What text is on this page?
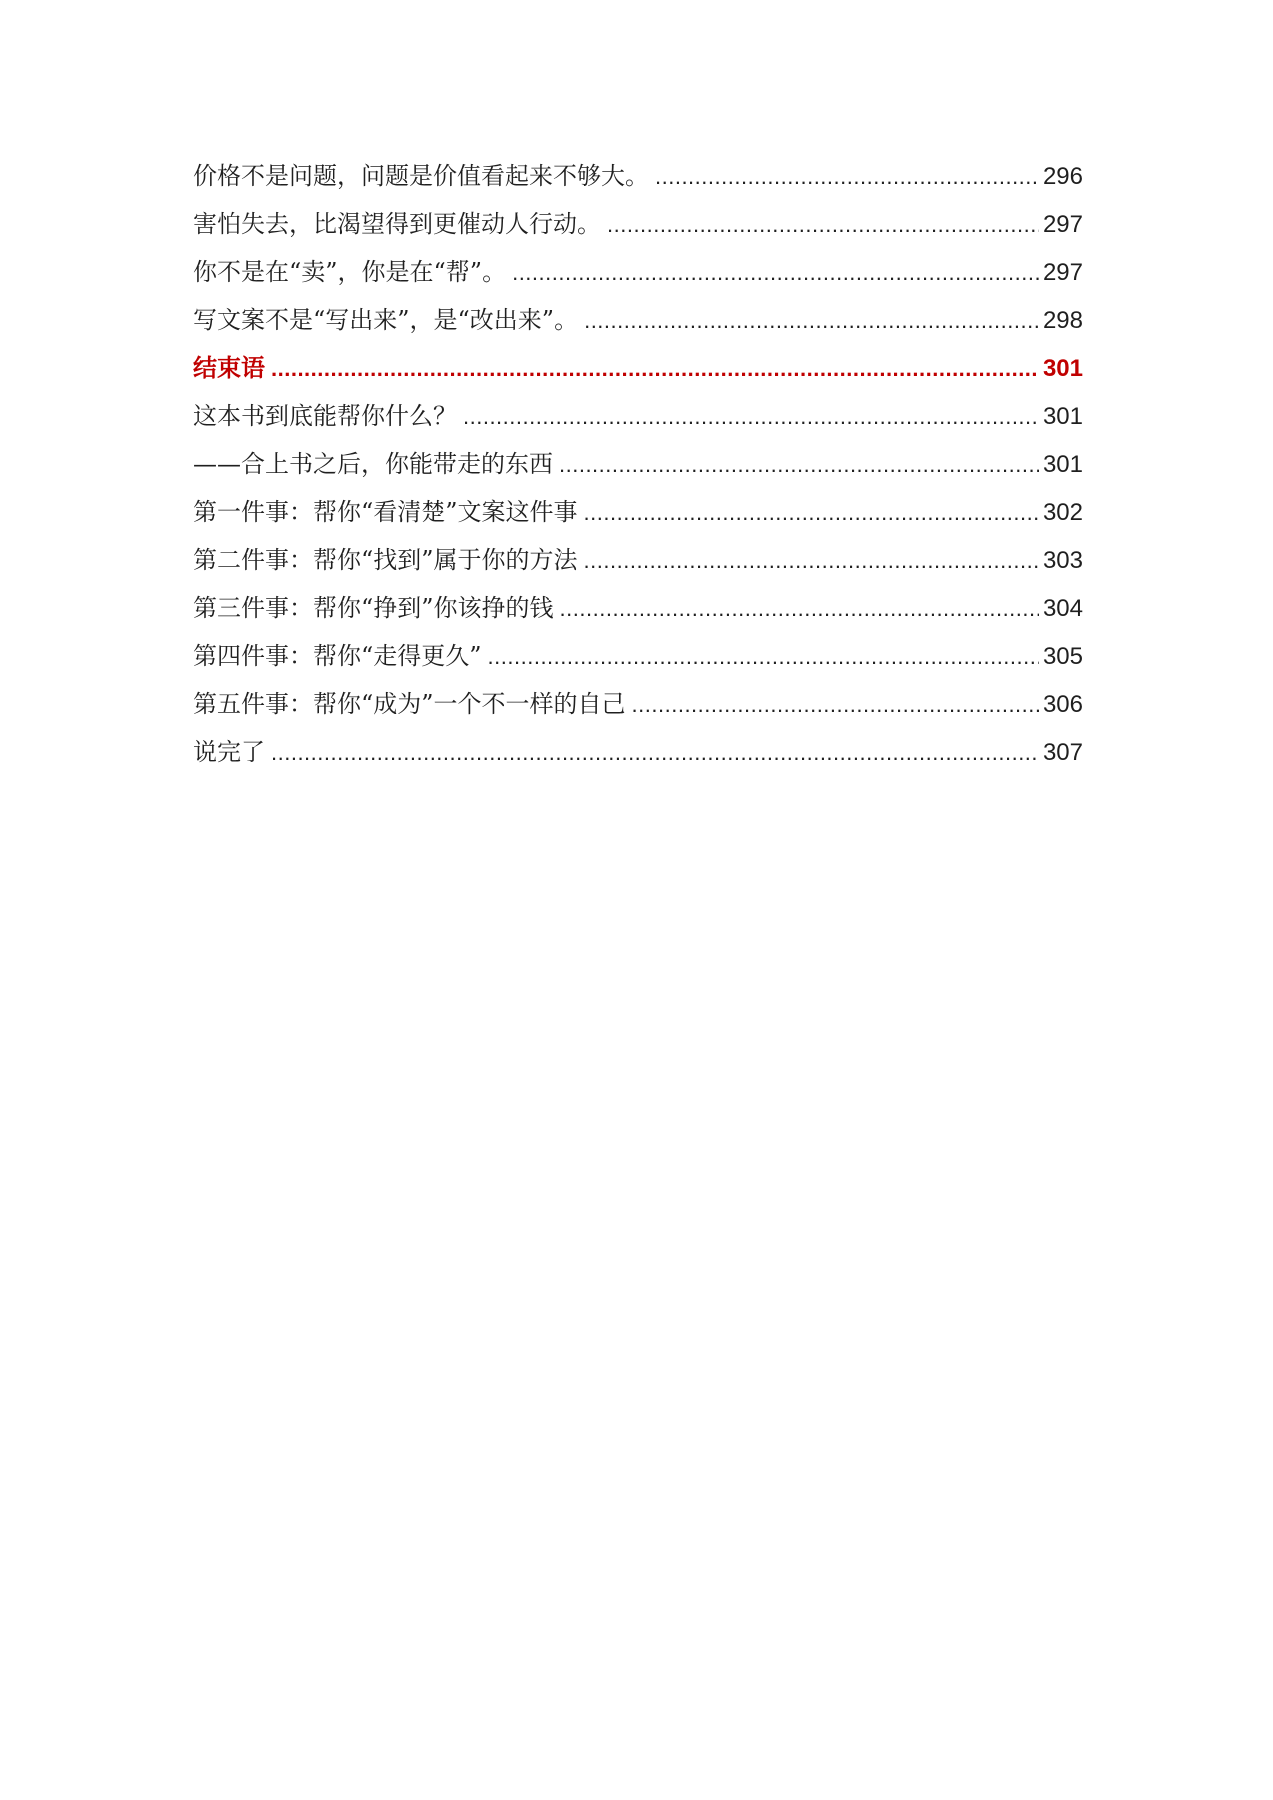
价格不是问题，问题是价值看起来不够大。 .....	296
害怕失去，比渴望得到更催动人行动。 .....	297
你不是在“卖”，你是在“帮”。 .....	297
写文案不是“写出来”，是“改出来”。 .....	298
结束语 .....	301
这本书到底能帮你什么？ .....	301
——合上书之后，你能带走的东西 .....	301
第一件事：帮你“看清楚”文案这件事 .....	302
第二件事：帮你“找到”属于你的方法 .....	303
第三件事：帮你“挣到”你该挣的钱 .....	304
第四件事：帮你“走得更久” .....	305
第五件事：帮你“成为”一个不一样的自己 .....	306
说完了 .....	307
